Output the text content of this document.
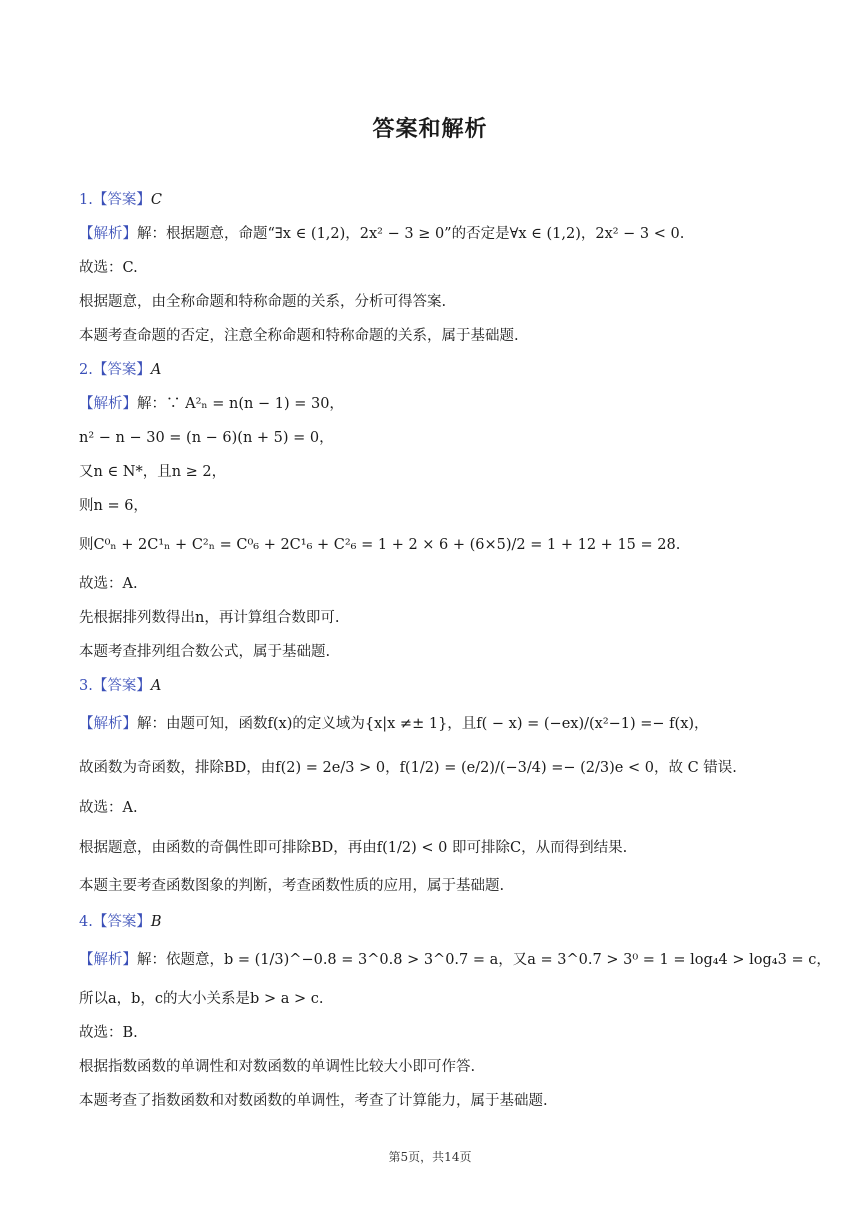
答案和解析
1.【答案】C
【解析】解：根据题意，命题“∃x ∈ (1,2)，2x² − 3 ≥ 0”的否定是∀x ∈ (1,2)，2x² − 3 < 0.
故选：C.
根据题意，由全称命题和特称命题的关系，分析可得答案.
本题考查命题的否定，注意全称命题和特称命题的关系，属于基础题.
2.【答案】A
【解析】解：∵ A²ₙ = n(n − 1) = 30，
n² − n − 30 = (n − 6)(n + 5) = 0，
又n ∈ N*，且n ≥ 2，
则n = 6，
则C⁰ₙ + 2C¹ₙ + C²ₙ = C⁰₆ + 2C¹₆ + C²₆ = 1 + 2 × 6 + (6×5)/2 = 1 + 12 + 15 = 28.
故选：A.
先根据排列数得出n，再计算组合数即可.
本题考查排列组合数公式，属于基础题.
3.【答案】A
【解析】解：由题可知，函数f(x)的定义域为{x|x ≠± 1}，且f( − x) = (−ex)/(x²−1) =− f(x)，
故函数为奇函数，排除BD，由f(2) = 2e/3 > 0，f(1/2) = (e/2)/(−3/4) =− (2/3)e < 0，故 C 错误.
故选：A.
根据题意，由函数的奇偶性即可排除BD，再由f(1/2) < 0 即可排除C，从而得到结果.
本题主要考查函数图象的判断，考查函数性质的应用，属于基础题.
4.【答案】B
【解析】解：依题意，b = (1/3)^−0.8 = 3^0.8 > 3^0.7 = a，又a = 3^0.7 > 3⁰ = 1 = log₄4 > log₄3 = c，
所以a，b，c的大小关系是b > a > c.
故选：B.
根据指数函数的单调性和对数函数的单调性比较大小即可作答.
本题考查了指数函数和对数函数的单调性，考查了计算能力，属于基础题.
第5页，共14页
